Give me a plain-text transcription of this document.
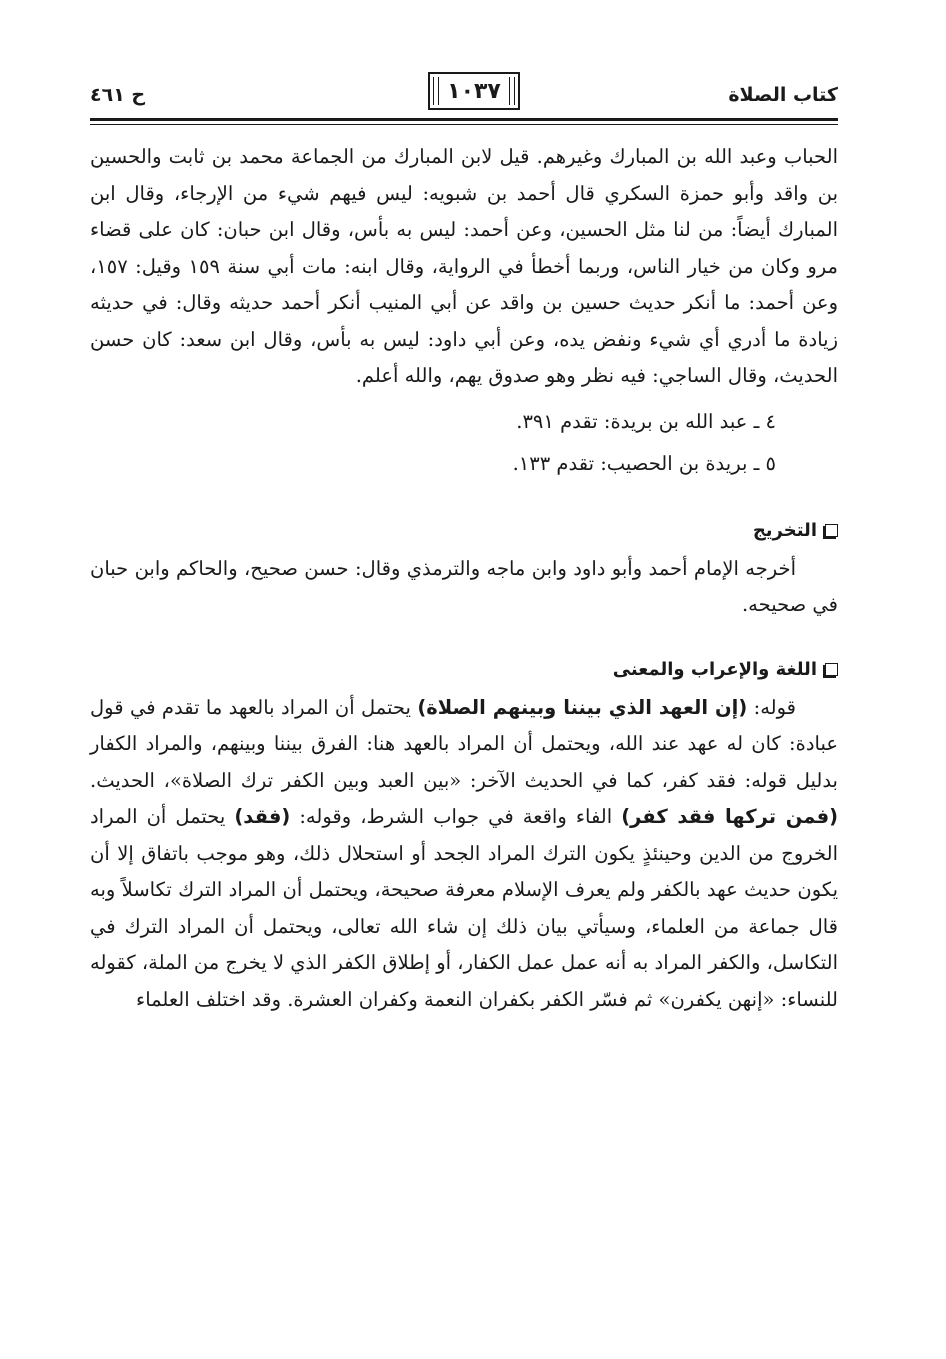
كتاب الصلاة
١٠٣٧
ح ٤٦١

الحباب وعبد الله بن المبارك وغيرهم. قيل لابن المبارك من الجماعة محمد بن ثابت والحسين بن واقد وأبو حمزة السكري قال أحمد بن شبويه: ليس فيهم شيء من الإرجاء، وقال ابن المبارك أيضاً: من لنا مثل الحسين، وعن أحمد: ليس به بأس، وقال ابن حبان: كان على قضاء مرو وكان من خيار الناس، وربما أخطأ في الرواية، وقال ابنه: مات أبي سنة ١٥٩ وقيل: ١٥٧، وعن أحمد: ما أنكر حديث حسين بن واقد عن أبي المنيب أنكر أحمد حديثه وقال: في حديثه زيادة ما أدري أي شيء ونفض يده، وعن أبي داود: ليس به بأس، وقال ابن سعد: كان حسن الحديث، وقال الساجي: فيه نظر وهو صدوق يهم، والله أعلم.

٤ ـ عبد الله بن بريدة: تقدم ٣٩١.

٥ ـ بريدة بن الحصيب: تقدم ١٣٣.

التخريج

أخرجه الإمام أحمد وأبو داود وابن ماجه والترمذي وقال: حسن صحيح، والحاكم وابن حبان في صحيحه.

اللغة والإعراب والمعنى

قوله: (إن العهد الذي بيننا وبينهم الصلاة) يحتمل أن المراد بالعهد ما تقدم في قول عبادة: كان له عهد عند الله، ويحتمل أن المراد بالعهد هنا: الفرق بيننا وبينهم، والمراد الكفار بدليل قوله: فقد كفر، كما في الحديث الآخر: «بين العبد وبين الكفر ترك الصلاة»، الحديث. (فمن تركها فقد كفر) الفاء واقعة في جواب الشرط، وقوله: (فقد) يحتمل أن المراد الخروج من الدين وحينئذٍ يكون الترك المراد الجحد أو استحلال ذلك، وهو موجب باتفاق إلا أن يكون حديث عهد بالكفر ولم يعرف الإسلام معرفة صحيحة، ويحتمل أن المراد الترك تكاسلاً وبه قال جماعة من العلماء، وسيأتي بيان ذلك إن شاء الله تعالى، ويحتمل أن المراد الترك في التكاسل، والكفر المراد به أنه عمل عمل الكفار، أو إطلاق الكفر الذي لا يخرج من الملة، كقوله للنساء: «إنهن يكفرن» ثم فسّر الكفر بكفران النعمة وكفران العشرة. وقد اختلف العلماء
